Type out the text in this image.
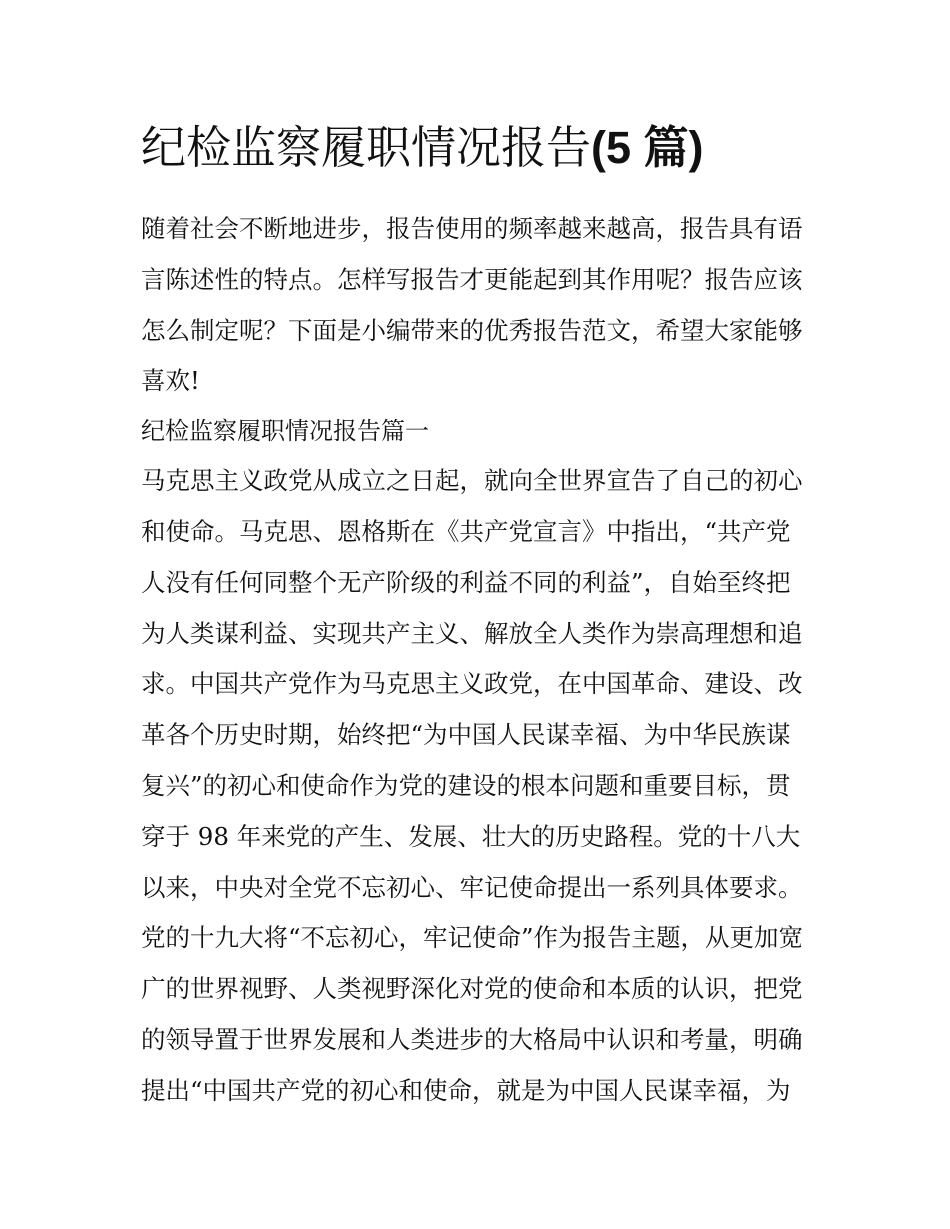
纪检监察履职情况报告(5 篇)

随着社会不断地进步，报告使用的频率越来越高，报告具有语
言陈述性的特点。怎样写报告才更能起到其作用呢？报告应该
怎么制定呢？下面是小编带来的优秀报告范文，希望大家能够
喜欢!

纪检监察履职情况报告篇一

马克思主义政党从成立之日起，就向全世界宣告了自己的初心
和使命。马克思、恩格斯在《共产党宣言》中指出，“共产党
人没有任何同整个无产阶级的利益不同的利益”，自始至终把
为人类谋利益、实现共产主义、解放全人类作为崇高理想和追
求。中国共产党作为马克思主义政党，在中国革命、建设、改
革各个历史时期，始终把“为中国人民谋幸福、为中华民族谋
复兴”的初心和使命作为党的建设的根本问题和重要目标，贯
穿于 98 年来党的产生、发展、壮大的历史路程。党的十八大
以来，中央对全党不忘初心、牢记使命提出一系列具体要求。
党的十九大将“不忘初心，牢记使命”作为报告主题，从更加宽
广的世界视野、人类视野深化对党的使命和本质的认识，把党
的领导置于世界发展和人类进步的大格局中认识和考量，明确
提出“中国共产党的初心和使命，就是为中国人民谋幸福，为
